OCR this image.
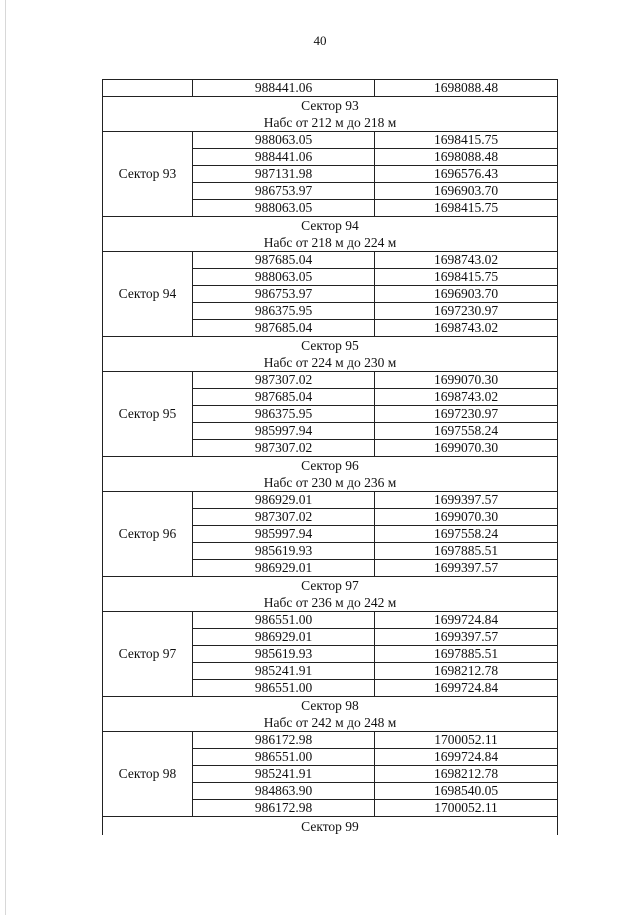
40
	988441.06	1698088.48

Сектор 93
Набс от 212 м до 218 м		

Сектор 93	988063.05	1698415.75
	988441.06	1698088.48
	987131.98	1696576.43
	986753.97	1696903.70
	988063.05	1698415.75

Сектор 94
Набс от 218 м до 224 м		

Сектор 94	987685.04	1698743.02
	988063.05	1698415.75
	986753.97	1696903.70
	986375.95	1697230.97
	987685.04	1698743.02

Сектор 95
Набс от 224 м до 230 м		

Сектор 95	987307.02	1699070.30
	987685.04	1698743.02
	986375.95	1697230.97
	985997.94	1697558.24
	987307.02	1699070.30

Сектор 96
Набс от 230 м до 236 м		

Сектор 96	986929.01	1699397.57
	987307.02	1699070.30
	985997.94	1697558.24
	985619.93	1697885.51
	986929.01	1699397.57

Сектор 97
Набс от 236 м до 242 м		

Сектор 97	986551.00	1699724.84
	986929.01	1699397.57
	985619.93	1697885.51
	985241.91	1698212.78
	986551.00	1699724.84

Сектор 98
Набс от 242 м до 248 м		

Сектор 98	986172.98	1700052.11
	986551.00	1699724.84
	985241.91	1698212.78
	984863.90	1698540.05
	986172.98	1700052.11

Сектор 99		
